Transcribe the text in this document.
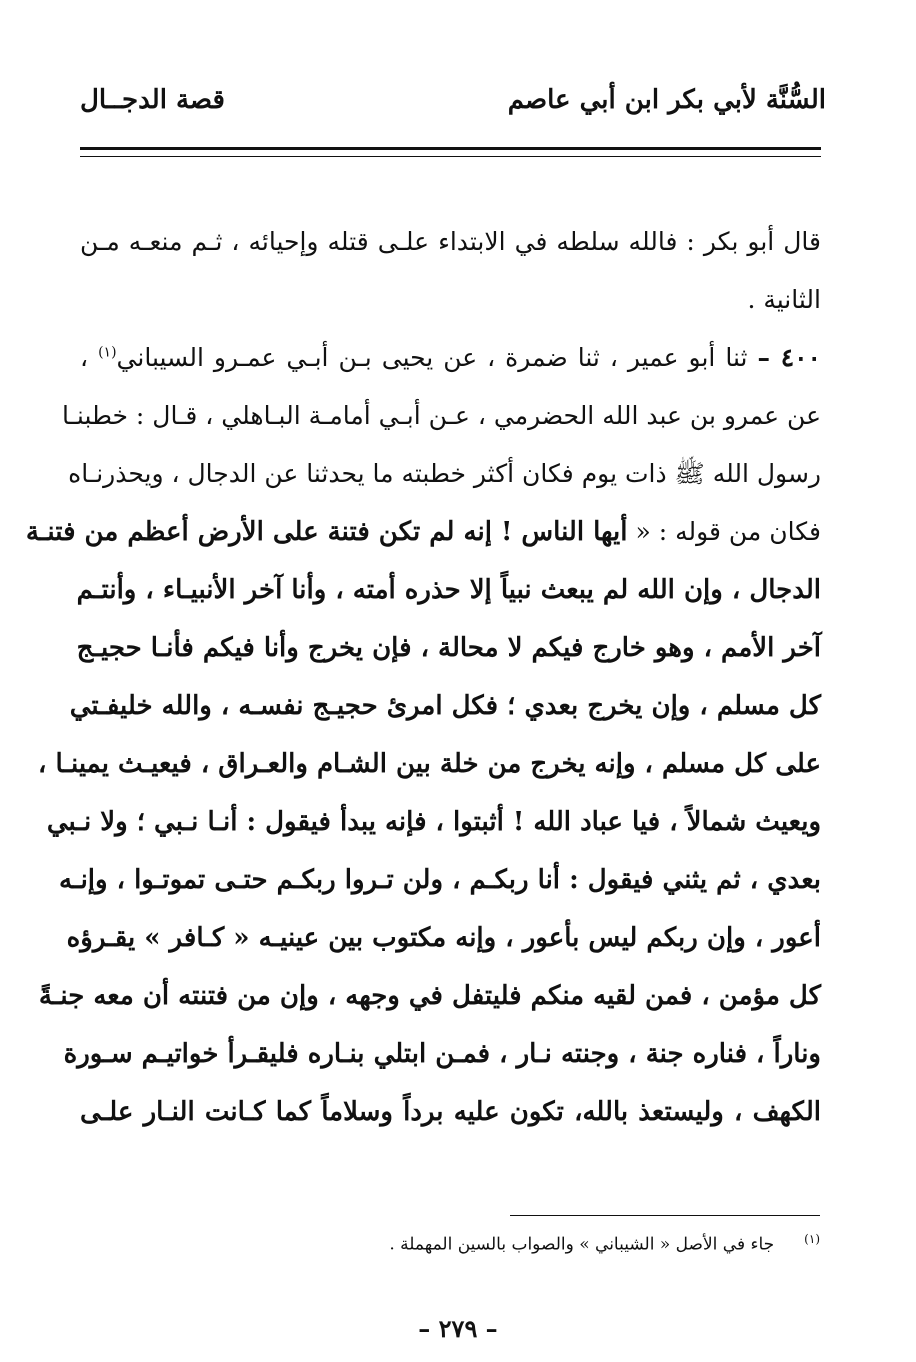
السُّنَّة لأبي بكر ابن أبي عاصم
قصة الدجــال
قال أبو بكر : فالله سلطه في الابتداء علـى قتله وإحيائه ، ثـم منعـه مـن
الثانية .
٤٠٠ – ثنا أبو عمير ، ثنا ضمرة ، عن يحيى بـن أبـي عمـرو السيباني$^{(١)}$ ،
عن عمرو بن عبد الله الحضرمي ، عـن أبـي أمامـة البـاهلي ، قـال : خطبنـا
رسول الله ﷺ ذات يوم فكان أكثر خطبته ما يحدثنا عن الدجال ، ويحذرنـاه
فكان من قوله : « أيها الناس ! إنه لم تكن فتنة على الأرض أعظم من فتنـة
الدجال ، وإن الله لم يبعث نبياً إلا حذره أمته ، وأنا آخر الأنبيـاء ، وأنتـم
آخر الأمم ، وهو خارج فيكم لا محالة ، فإن يخرج وأنا فيكم فأنـا حجيـج
كل مسلم ، وإن يخرج بعدي ؛ فكل امرئ حجيـج نفسـه ، والله خليفـتي
على كل مسلم ، وإنه يخرج من خلة بين الشـام والعـراق ، فيعيـث يمينـا ،
ويعيث شمالاً ، فيا عباد الله ! أثبتوا ، فإنه يبدأ فيقول : أنـا نـبي ؛ ولا نـبي
بعدي ، ثم يثني فيقول : أنا ربكـم ، ولن تـروا ربكـم حتـى تموتـوا ، وإنـه
أعور ، وإن ربكم ليس بأعور ، وإنه مكتوب بين عينيـه « كـافر » يقـرؤه
كل مؤمن ، فمن لقيه منكم فليتفل في وجهه ، وإن من فتنته أن معه جنـةً
وناراً ، فناره جنة ، وجنته نـار ، فمـن ابتلي بنـاره فليقـرأ خواتيـم سـورة
الكهف ، وليستعذ بالله، تكون عليه برداً وسلاماً كما كـانت النـار علـى
$^{(١)}$جاء في الأصل « الشيباني » والصواب بالسين المهملة .
– ٢٧٩ –
